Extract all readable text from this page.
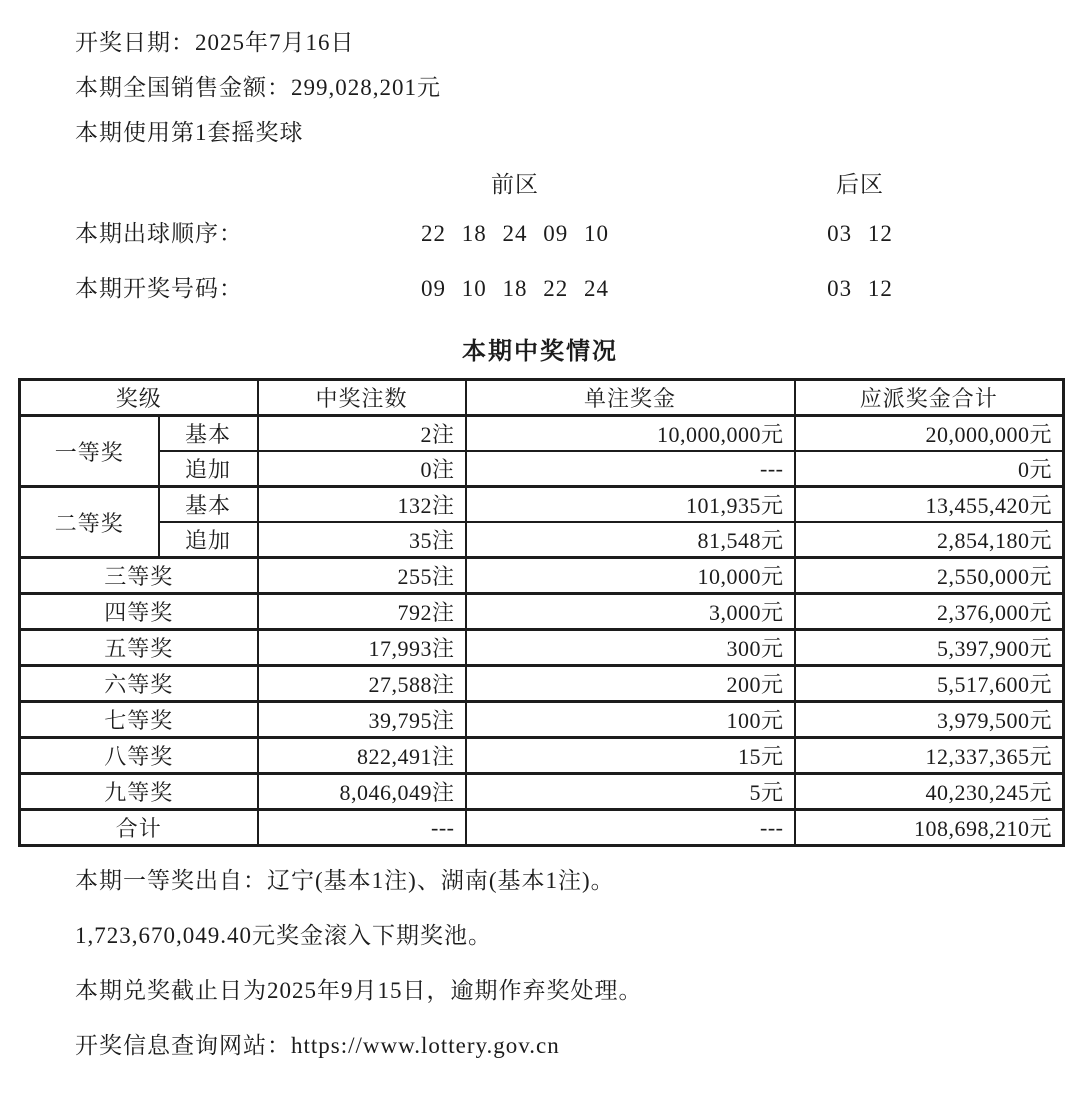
开奖日期：2025年7月16日

本期全国销售金额：299,028,201元

本期使用第1套摇奖球

前区	后区
本期出球顺序：	22 18 24 09 10	03 12
本期开奖号码：	09 10 18 22 24	03 12
本期中奖情况
奖级		中奖注数	单注奖金	应派奖金合计
一等奖	基本	2注	10,000,000元	20,000,000元
	追加	0注	---	0元
二等奖	基本	132注	101,935元	13,455,420元
	追加	35注	81,548元	2,854,180元
三等奖		255注	10,000元	2,550,000元
四等奖		792注	3,000元	2,376,000元
五等奖		17,993注	300元	5,397,900元
六等奖		27,588注	200元	5,517,600元
七等奖		39,795注	100元	3,979,500元
八等奖		822,491注	15元	12,337,365元
九等奖		8,046,049注	5元	40,230,245元
合计		---	---	108,698,210元

本期一等奖出自：辽宁(基本1注)、湖南(基本1注)。

1,723,670,049.40元奖金滚入下期奖池。

本期兑奖截止日为2025年9月15日，逾期作弃奖处理。

开奖信息查询网站：https://www.lottery.gov.cn
